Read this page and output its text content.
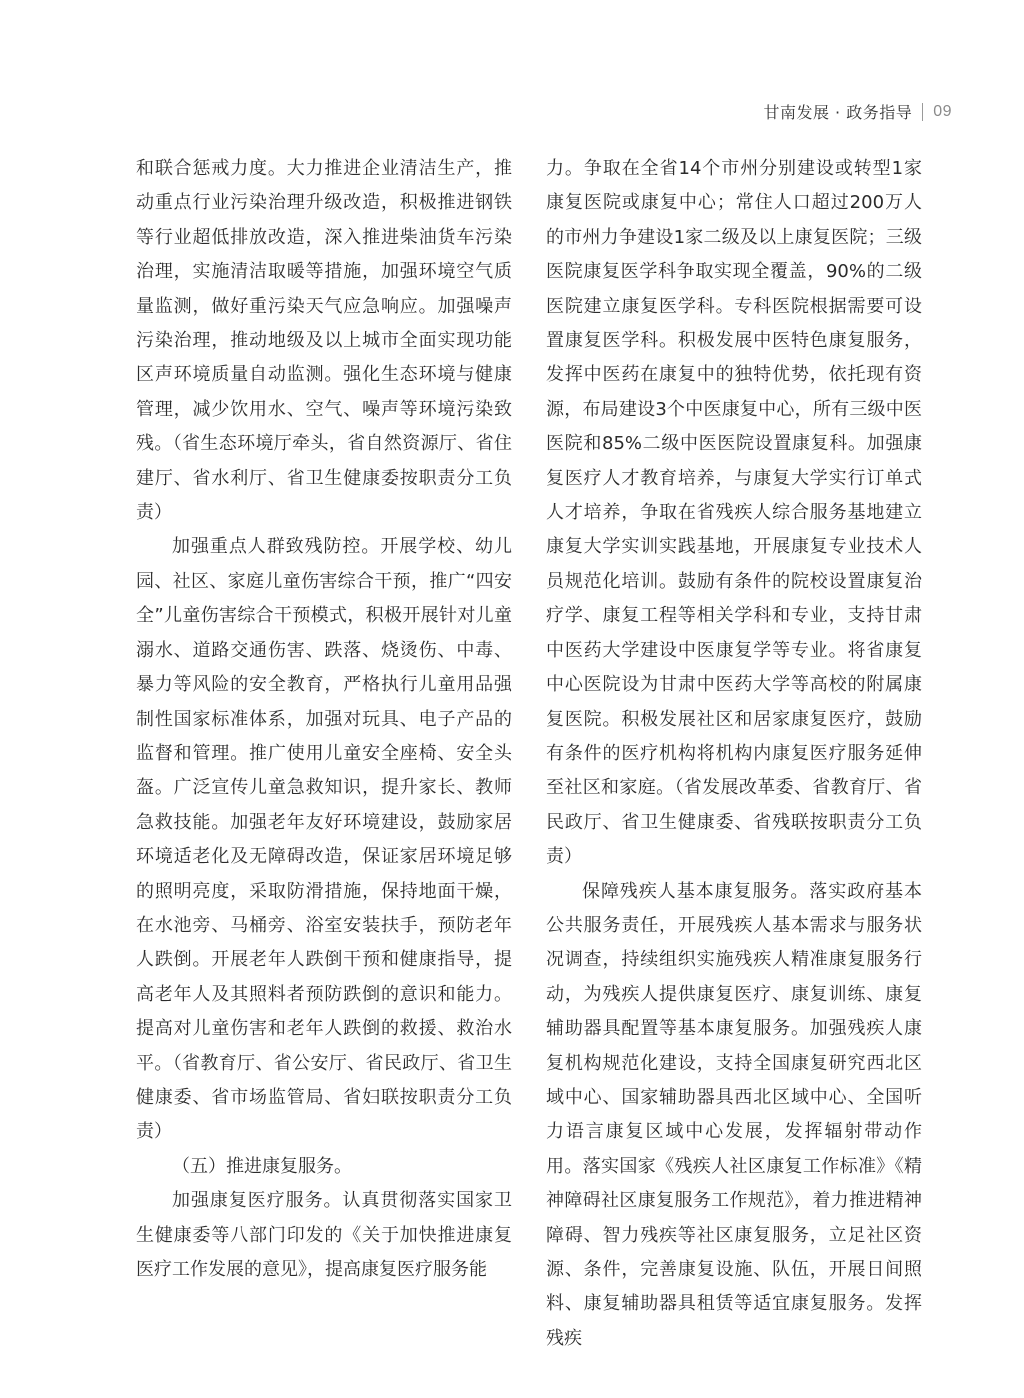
甘南发展 · 政务指导 09

和联合惩戒力度。大力推进企业清洁生产，推动重点行业污染治理升级改造，积极推进钢铁等行业超低排放改造，深入推进柴油货车污染治理，实施清洁取暖等措施，加强环境空气质量监测，做好重污染天气应急响应。加强噪声污染治理，推动地级及以上城市全面实现功能区声环境质量自动监测。强化生态环境与健康管理，减少饮用水、空气、噪声等环境污染致残。（省生态环境厅牵头，省自然资源厅、省住建厅、省水利厅、省卫生健康委按职责分工负责）

加强重点人群致残防控。开展学校、幼儿园、社区、家庭儿童伤害综合干预，推广“四安全”儿童伤害综合干预模式，积极开展针对儿童溺水、道路交通伤害、跌落、烧烫伤、中毒、暴力等风险的安全教育，严格执行儿童用品强制性国家标准体系，加强对玩具、电子产品的监督和管理。推广使用儿童安全座椅、安全头盔。广泛宣传儿童急救知识，提升家长、教师急救技能。加强老年友好环境建设，鼓励家居环境适老化及无障碍改造，保证家居环境足够的照明亮度，采取防滑措施，保持地面干燥，在水池旁、马桶旁、浴室安装扶手，预防老年人跌倒。开展老年人跌倒干预和健康指导，提高老年人及其照料者预防跌倒的意识和能力。提高对儿童伤害和老年人跌倒的救援、救治水平。（省教育厅、省公安厅、省民政厅、省卫生健康委、省市场监管局、省妇联按职责分工负责）

（五）推进康复服务。

加强康复医疗服务。认真贯彻落实国家卫生健康委等八部门印发的《关于加快推进康复医疗工作发展的意见》，提高康复医疗服务能

力。争取在全省14个市州分别建设或转型1家康复医院或康复中心；常住人口超过200万人的市州力争建设1家二级及以上康复医院；三级医院康复医学科争取实现全覆盖，90%的二级医院建立康复医学科。专科医院根据需要可设置康复医学科。积极发展中医特色康复服务，发挥中医药在康复中的独特优势，依托现有资源，布局建设3个中医康复中心，所有三级中医医院和85%二级中医医院设置康复科。加强康复医疗人才教育培养，与康复大学实行订单式人才培养，争取在省残疾人综合服务基地建立康复大学实训实践基地，开展康复专业技术人员规范化培训。鼓励有条件的院校设置康复治疗学、康复工程等相关学科和专业，支持甘肃中医药大学建设中医康复学等专业。将省康复中心医院设为甘肃中医药大学等高校的附属康复医院。积极发展社区和居家康复医疗，鼓励有条件的医疗机构将机构内康复医疗服务延伸至社区和家庭。（省发展改革委、省教育厅、省民政厅、省卫生健康委、省残联按职责分工负责）

保障残疾人基本康复服务。落实政府基本公共服务责任，开展残疾人基本需求与服务状况调查，持续组织实施残疾人精准康复服务行动，为残疾人提供康复医疗、康复训练、康复辅助器具配置等基本康复服务。加强残疾人康复机构规范化建设，支持全国康复研究西北区域中心、国家辅助器具西北区域中心、全国听力语言康复区域中心发展，发挥辐射带动作用。落实国家《残疾人社区康复工作标准》《精神障碍社区康复服务工作规范》，着力推进精神障碍、智力残疾等社区康复服务，立足社区资源、条件，完善康复设施、队伍，开展日间照料、康复辅助器具租赁等适宜康复服务。发挥残疾
